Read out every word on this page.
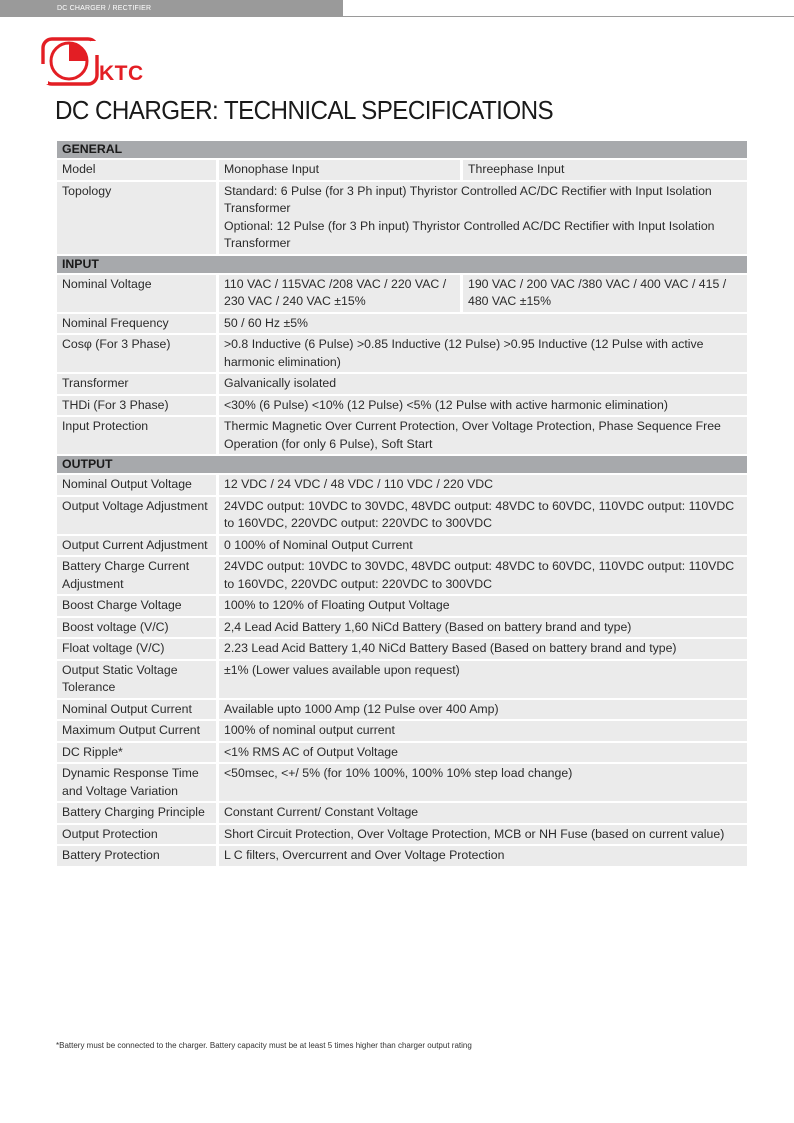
DC CHARGER / RECTIFIER
KTC
DC CHARGER: TECHNICAL SPECIFICATIONS
GENERAL		
Model	Monophase Input	Threephase Input
Topology	Standard: 6 Pulse (for 3 Ph input) Thyristor Controlled AC/DC Rectifier with Input Isolation Transformer
Optional: 12 Pulse (for 3 Ph input) Thyristor Controlled AC/DC Rectifier with Input Isolation Transformer	

INPUT		
Nominal Voltage	110 VAC / 115VAC /208 VAC / 220 VAC / 230 VAC / 240 VAC ±15%	190 VAC / 200 VAC /380 VAC / 400 VAC / 415 / 480 VAC ±15%
Nominal Frequency	50 / 60 Hz ±5%	
Cosφ (For 3 Phase)	>0.8 Inductive (6 Pulse) >0.85 Inductive (12 Pulse) >0.95 Inductive (12 Pulse with active harmonic elimination)	
Transformer	Galvanically isolated	
THDi (For 3 Phase)	<30% (6 Pulse) <10% (12 Pulse) <5% (12 Pulse with active harmonic elimination)	
Input Protection	Thermic Magnetic Over Current Protection, Over Voltage Protection, Phase Sequence Free Operation (for only 6 Pulse), Soft Start	
OUTPUT		
Nominal Output Voltage	12 VDC / 24 VDC / 48 VDC / 110 VDC / 220 VDC	
Output Voltage Adjustment	24VDC output: 10VDC to 30VDC, 48VDC output: 48VDC to 60VDC, 110VDC output: 110VDC to 160VDC, 220VDC output: 220VDC to 300VDC	
Output Current Adjustment	0 100% of Nominal Output Current	
Battery Charge Current Adjustment	24VDC output: 10VDC to 30VDC, 48VDC output: 48VDC to 60VDC, 110VDC output: 110VDC to 160VDC, 220VDC output: 220VDC to 300VDC	
Boost Charge Voltage	100% to 120% of Floating Output Voltage	
Boost voltage (V/C)	2,4 Lead Acid Battery 1,60 NiCd Battery (Based on battery brand and type)	
Float voltage (V/C)	2.23 Lead Acid Battery 1,40 NiCd Battery Based (Based on battery brand and type)	
Output Static Voltage Tolerance	±1% (Lower values available upon request)	
Nominal Output Current	Available upto 1000 Amp (12 Pulse over 400 Amp)	
Maximum Output Current	100% of nominal output current	
DC Ripple*	<1% RMS AC of Output Voltage	
Dynamic Response Time and Voltage Variation	<50msec, <+/ 5% (for 10% 100%, 100% 10% step load change)	
Battery Charging Principle	Constant Current/ Constant Voltage	
Output Protection	Short Circuit Protection, Over Voltage Protection, MCB or NH Fuse (based on current value)	
Battery Protection	L C filters, Overcurrent and Over Voltage Protection	
*Battery must be connected to the charger. Battery capacity must be at least 5 times higher than charger output rating
